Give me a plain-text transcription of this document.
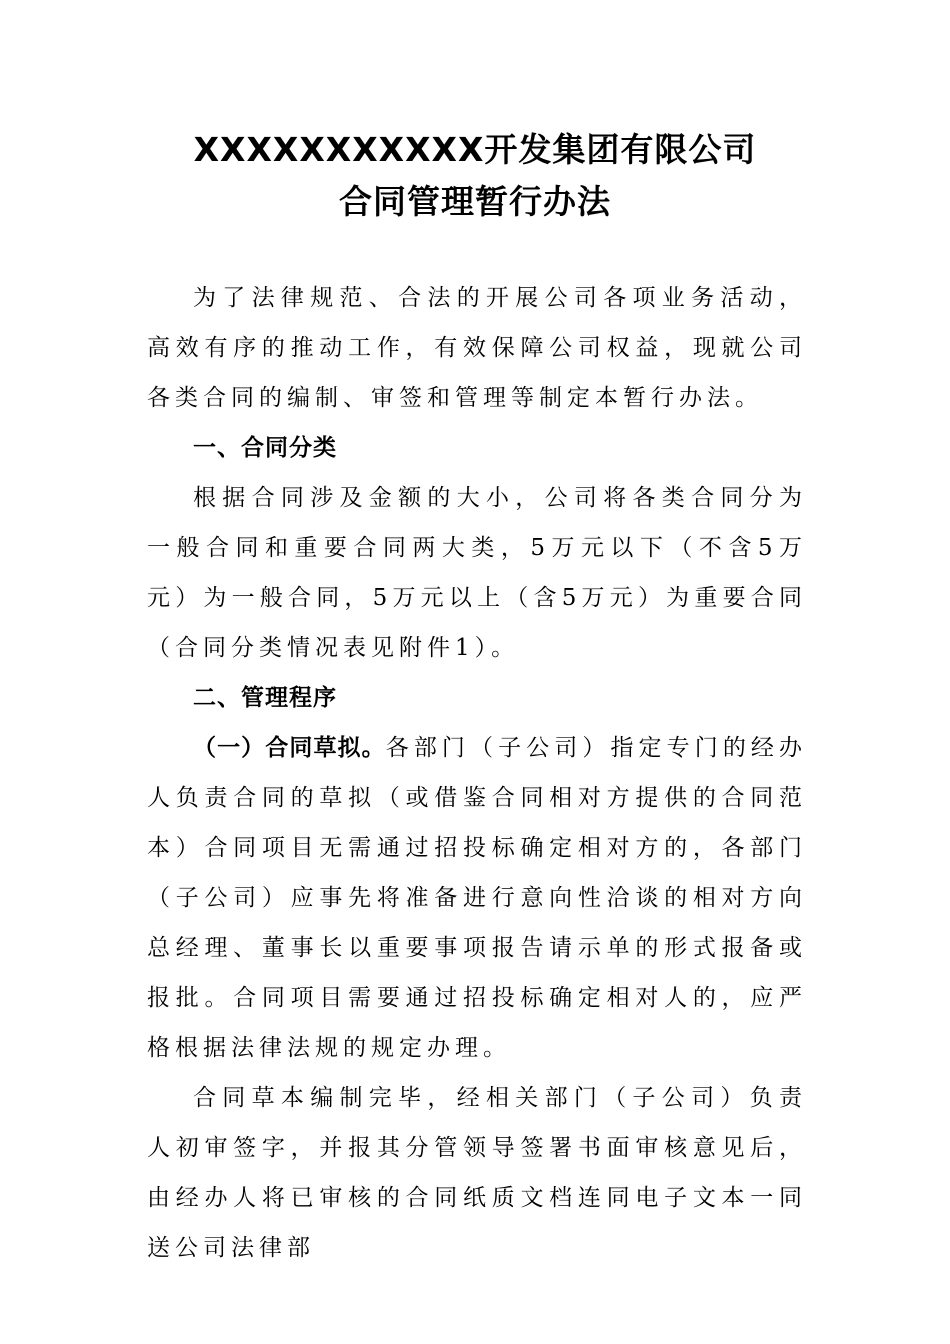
XXXXXXXXXXX开发集团有限公司
合同管理暂行办法

为了法律规范、合法的开展公司各项业务活动，高效有序的推动工作，有效保障公司权益，现就公司各类合同的编制、审签和管理等制定本暂行办法。

一、合同分类

根据合同涉及金额的大小，公司将各类合同分为一般合同和重要合同两大类，5万元以下（不含5万元）为一般合同，5万元以上（含5万元）为重要合同（合同分类情况表见附件1）。

二、管理程序

（一）合同草拟。各部门（子公司）指定专门的经办人负责合同的草拟（或借鉴合同相对方提供的合同范本）合同项目无需通过招投标确定相对方的，各部门（子公司）应事先将准备进行意向性洽谈的相对方向总经理、董事长以重要事项报告请示单的形式报备或报批。合同项目需要通过招投标确定相对人的，应严格根据法律法规的规定办理。

合同草本编制完毕，经相关部门（子公司）负责人初审签字，并报其分管领导签署书面审核意见后，由经办人将已审核的合同纸质文档连同电子文本一同送公司法律部
